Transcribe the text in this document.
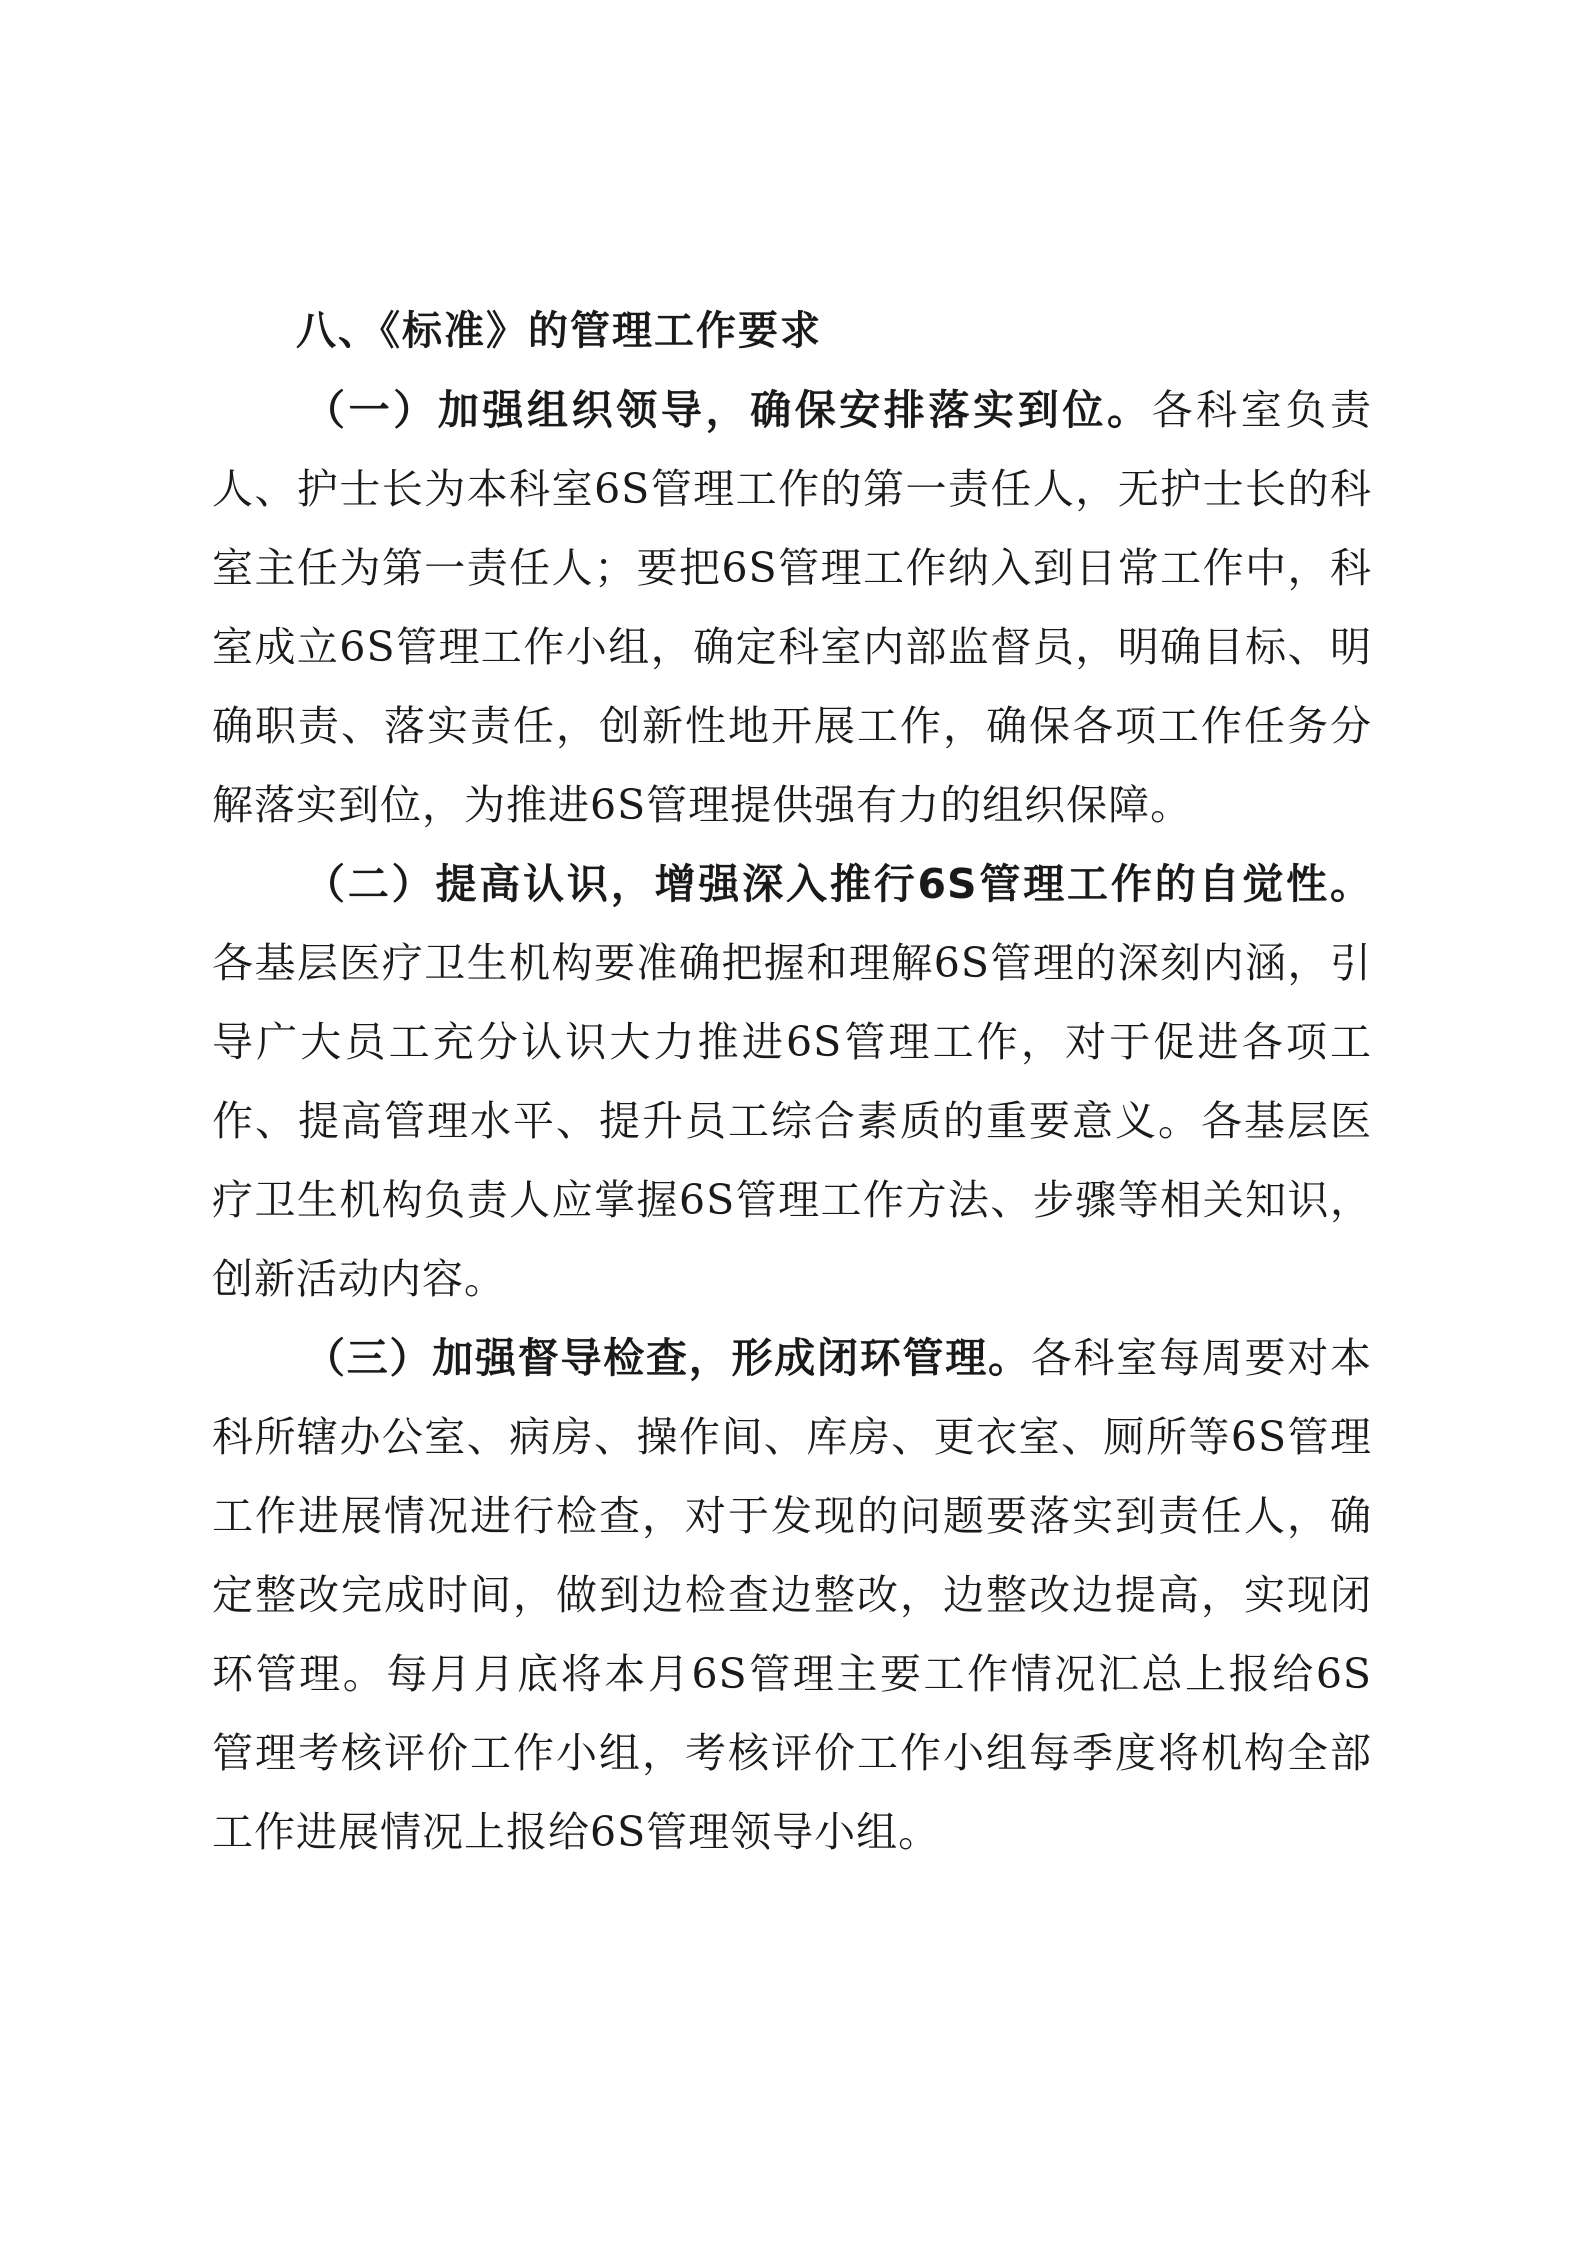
八、《标准》的管理工作要求

（一）加强组织领导，确保安排落实到位。各科室负责人、护士长为本科室6S管理工作的第一责任人，无护士长的科室主任为第一责任人；要把6S管理工作纳入到日常工作中，科室成立6S管理工作小组，确定科室内部监督员，明确目标、明确职责、落实责任，创新性地开展工作，确保各项工作任务分解落实到位，为推进6S管理提供强有力的组织保障。

（二）提高认识，增强深入推行6S管理工作的自觉性。各基层医疗卫生机构要准确把握和理解6S管理的深刻内涵，引导广大员工充分认识大力推进6S管理工作，对于促进各项工作、提高管理水平、提升员工综合素质的重要意义。各基层医疗卫生机构负责人应掌握6S管理工作方法、步骤等相关知识，创新活动内容。

（三）加强督导检查，形成闭环管理。各科室每周要对本科所辖办公室、病房、操作间、库房、更衣室、厕所等6S管理工作进展情况进行检查，对于发现的问题要落实到责任人，确定整改完成时间，做到边检查边整改，边整改边提高，实现闭环管理。每月月底将本月6S管理主要工作情况汇总上报给6S管理考核评价工作小组，考核评价工作小组每季度将机构全部工作进展情况上报给6S管理领导小组。
